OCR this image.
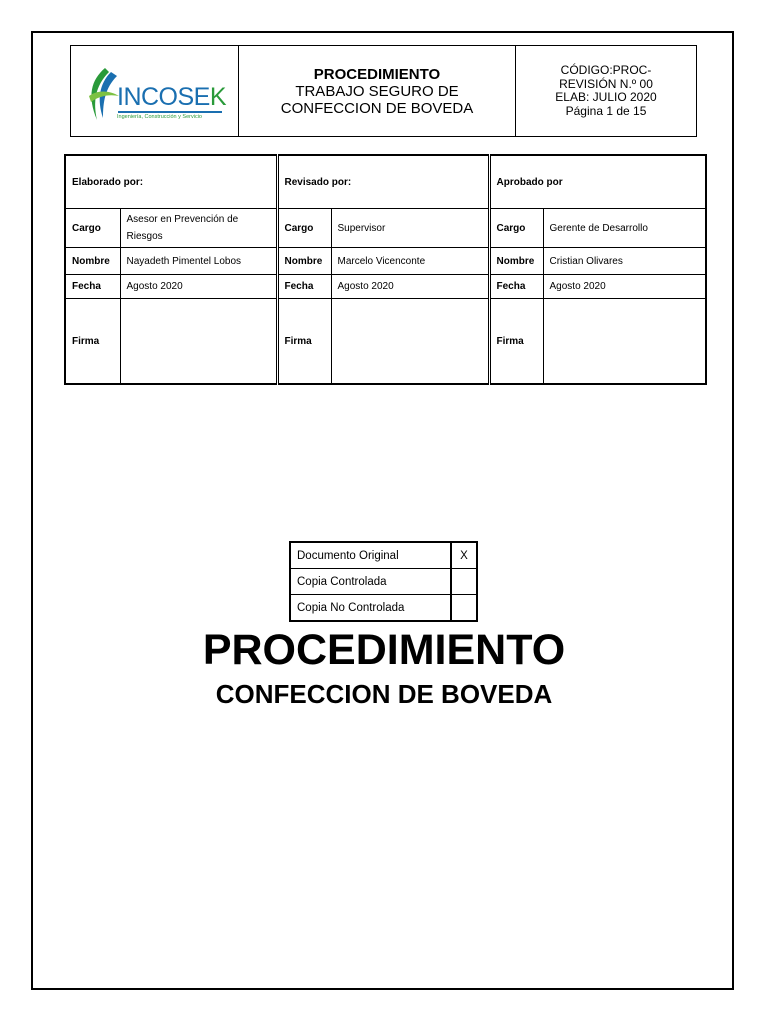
INCOSEK
Ingeniería, Construcción y Servicio
PROCEDIMIENTO
TRABAJO SEGURO DE
CONFECCION DE BOVEDA
CÓDIGO:PROC-
REVISIÓN N.º 00
ELAB: JULIO 2020
Página 1 de 15
Elaborado por:		Revisado por:		Aprobado por	
Cargo	Asesor en Prevención de Riesgos	Cargo	Supervisor	Cargo	Gerente de Desarrollo
Nombre	Nayadeth Pimentel Lobos	Nombre	Marcelo Vicenconte	Nombre	Cristian Olivares
Fecha	Agosto 2020	Fecha	Agosto 2020	Fecha	Agosto 2020
Firma		Firma		Firma	
Documento Original	X
Copia Controlada	
Copia No Controlada	
PROCEDIMIENTO
CONFECCION DE BOVEDA
